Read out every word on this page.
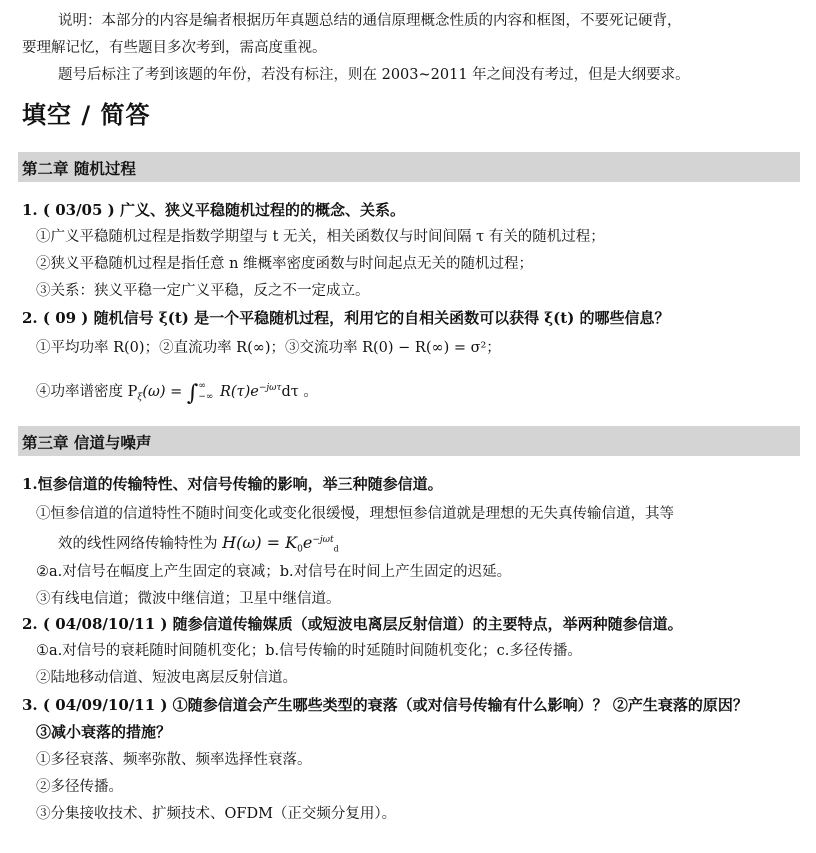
说明：本部分的内容是编者根据历年真题总结的通信原理概念性质的内容和框图，不要死记硬背，
要理解记忆，有些题目多次考到，需高度重视。
题号后标注了考到该题的年份，若没有标注，则在 2003~2011 年之间没有考过，但是大纲要求。
填空 / 简答
第二章 随机过程
1. ( 03/05 ) 广义、狭义平稳随机过程的的概念、关系。
①广义平稳随机过程是指数学期望与 t 无关，相关函数仅与时间间隔 τ 有关的随机过程；
②狭义平稳随机过程是指任意 n 维概率密度函数与时间起点无关的随机过程；
③关系：狭义平稳一定广义平稳，反之不一定成立。
2. ( 09 ) 随机信号 ξ(t) 是一个平稳随机过程，利用它的自相关函数可以获得 ξ(t) 的哪些信息？
①平均功率 R(0)；②直流功率 R(∞)；③交流功率 R(0) − R(∞) = σ²；
④功率谱密度 $P_\xi(\omega)$ = ∫ ∞
−∞ $R(\tau)e^{-j\omega\tau}d\tau$ 。
第三章 信道与噪声
1.恒参信道的传输特性、对信号传输的影响，举三种随参信道。
①恒参信道的信道特性不随时间变化或变化很缓慢，理想恒参信道就是理想的无失真传输信道，其等
效的线性网络传输特性为 $H(\omega) = K_0e^{-j\omega t}_d$
②a.对信号在幅度上产生固定的衰减；b.对信号在时间上产生固定的迟延。
③有线电信道；微波中继信道；卫星中继信道。
2. ( 04/08/10/11 ) 随参信道传输媒质（或短波电离层反射信道）的主要特点，举两种随参信道。
①a.对信号的衰耗随时间随机变化；b.信号传输的时延随时间随机变化；c.多径传播。
②陆地移动信道、短波电离层反射信道。
3. ( 04/09/10/11 ) ①随参信道会产生哪些类型的衰落（或对信号传输有什么影响）？ ②产生衰落的原因？
③减小衰落的措施？
①多径衰落、频率弥散、频率选择性衰落。
②多径传播。
③分集接收技术、扩频技术、OFDM（正交频分复用）。
